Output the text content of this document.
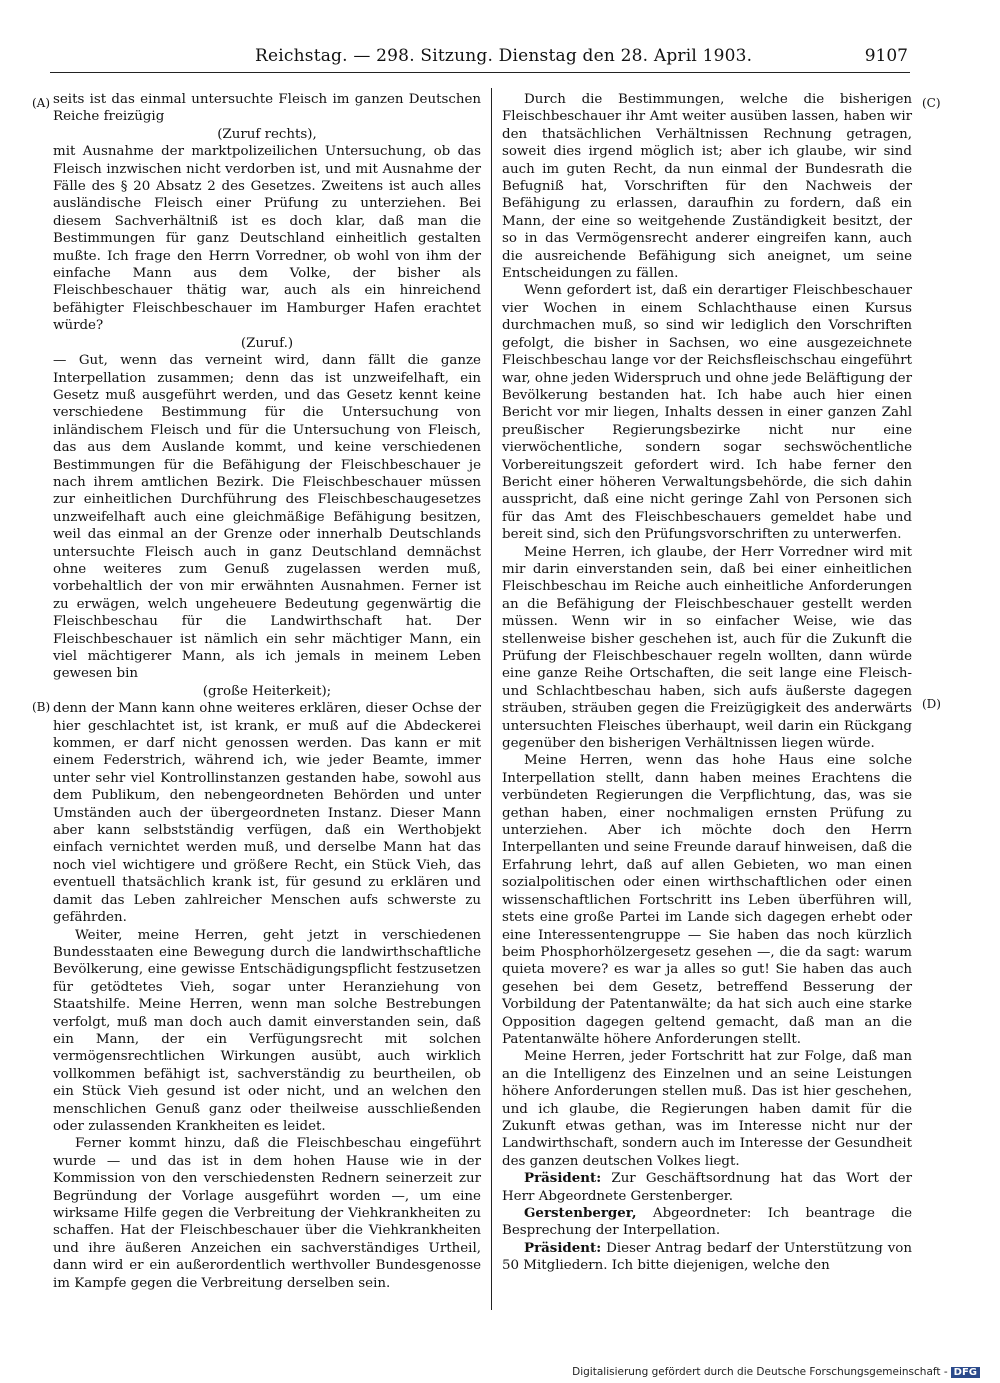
Reichstag. — 298. Sitzung. Dienstag den 28. April 1903.	9107
(A)
(B)
(C)
(D)

seits ist das einmal untersuchte Fleisch im ganzen Deutschen Reiche freizügig

(Zuruf rechts),

mit Ausnahme der marktpolizeilichen Untersuchung, ob das Fleisch inzwischen nicht verdorben ist, und mit Ausnahme der Fälle des § 20 Absatz 2 des Gesetzes. Zweitens ist auch alles ausländische Fleisch einer Prüfung zu unterziehen. Bei diesem Sachverhältniß ist es doch klar, daß man die Bestimmungen für ganz Deutschland einheitlich gestalten mußte. Ich frage den Herrn Vorredner, ob wohl von ihm der einfache Mann aus dem Volke, der bisher als Fleischbeschauer thätig war, auch als ein hinreichend befähigter Fleischbeschauer im Hamburger Hafen erachtet würde?

(Zuruf.)

— Gut, wenn das verneint wird, dann fällt die ganze Interpellation zusammen; denn das ist unzweifelhaft, ein Gesetz muß ausgeführt werden, und das Gesetz kennt keine verschiedene Bestimmung für die Untersuchung von inländischem Fleisch und für die Untersuchung von Fleisch, das aus dem Auslande kommt, und keine verschiedenen Bestimmungen für die Befähigung der Fleischbeschauer je nach ihrem amtlichen Bezirk. Die Fleischbeschauer müssen zur einheitlichen Durchführung des Fleischbeschaugesetzes unzweifelhaft auch eine gleichmäßige Befähigung besitzen, weil das einmal an der Grenze oder innerhalb Deutschlands untersuchte Fleisch auch in ganz Deutschland demnächst ohne weiteres zum Genuß zugelassen werden muß, vorbehaltlich der von mir erwähnten Ausnahmen. Ferner ist zu erwägen, welch ungeheuere Bedeutung gegenwärtig die Fleischbeschau für die Landwirthschaft hat. Der Fleischbeschauer ist nämlich ein sehr mächtiger Mann, ein viel mächtigerer Mann, als ich jemals in meinem Leben gewesen bin

(große Heiterkeit);

denn der Mann kann ohne weiteres erklären, dieser Ochse der hier geschlachtet ist, ist krank, er muß auf die Abdeckerei kommen, er darf nicht genossen werden. Das kann er mit einem Federstrich, während ich, wie jeder Beamte, immer unter sehr viel Kontrollinstanzen gestanden habe, sowohl aus dem Publikum, den nebengeordneten Behörden und unter Umständen auch der übergeordneten Instanz. Dieser Mann aber kann selbstständig verfügen, daß ein Werthobjekt einfach vernichtet werden muß, und derselbe Mann hat das noch viel wichtigere und größere Recht, ein Stück Vieh, das eventuell thatsächlich krank ist, für gesund zu erklären und damit das Leben zahlreicher Menschen aufs schwerste zu gefährden.

Weiter, meine Herren, geht jetzt in verschiedenen Bundesstaaten eine Bewegung durch die landwirthschaftliche Bevölkerung, eine gewisse Entschädigungspflicht festzusetzen für getödtetes Vieh, sogar unter Heranziehung von Staatshilfe. Meine Herren, wenn man solche Bestrebungen verfolgt, muß man doch auch damit einverstanden sein, daß ein Mann, der ein Verfügungsrecht mit solchen vermögensrechtlichen Wirkungen ausübt, auch wirklich vollkommen befähigt ist, sachverständig zu beurtheilen, ob ein Stück Vieh gesund ist oder nicht, und an welchen den menschlichen Genuß ganz oder theilweise ausschließenden oder zulassenden Krankheiten es leidet.

Ferner kommt hinzu, daß die Fleischbeschau eingeführt wurde — und das ist in dem hohen Hause wie in der Kommission von den verschiedensten Rednern seinerzeit zur Begründung der Vorlage ausgeführt worden —, um eine wirksame Hilfe gegen die Verbreitung der Viehkrankheiten zu schaffen. Hat der Fleischbeschauer über die Viehkrankheiten und ihre äußeren Anzeichen ein sachverständiges Urtheil, dann wird er ein außerordentlich werthvoller Bundesgenosse im Kampfe gegen die Verbreitung derselben sein.

Durch die Bestimmungen, welche die bisherigen Fleischbeschauer ihr Amt weiter ausüben lassen, haben wir den thatsächlichen Verhältnissen Rechnung getragen, soweit dies irgend möglich ist; aber ich glaube, wir sind auch im guten Recht, da nun einmal der Bundesrath die Befugniß hat, Vorschriften für den Nachweis der Befähigung zu erlassen, daraufhin zu fordern, daß ein Mann, der eine so weitgehende Zuständigkeit besitzt, der so in das Vermögensrecht anderer eingreifen kann, auch die ausreichende Befähigung sich aneignet, um seine Entscheidungen zu fällen.

Wenn gefordert ist, daß ein derartiger Fleischbeschauer vier Wochen in einem Schlachthause einen Kursus durchmachen muß, so sind wir lediglich den Vorschriften gefolgt, die bisher in Sachsen, wo eine ausgezeichnete Fleischbeschau lange vor der Reichsfleischschau eingeführt war, ohne jeden Widerspruch und ohne jede Beläftigung der Bevölkerung bestanden hat. Ich habe auch hier einen Bericht vor mir liegen, Inhalts dessen in einer ganzen Zahl preußischer Regierungsbezirke nicht nur eine vierwöchentliche, sondern sogar sechswöchentliche Vorbereitungszeit gefordert wird. Ich habe ferner den Bericht einer höheren Verwaltungsbehörde, die sich dahin ausspricht, daß eine nicht geringe Zahl von Personen sich für das Amt des Fleischbeschauers gemeldet habe und bereit sind, sich den Prüfungsvorschriften zu unterwerfen.

Meine Herren, ich glaube, der Herr Vorredner wird mit mir darin einverstanden sein, daß bei einer einheitlichen Fleischbeschau im Reiche auch einheitliche Anforderungen an die Befähigung der Fleischbeschauer gestellt werden müssen. Wenn wir in so einfacher Weise, wie das stellenweise bisher geschehen ist, auch für die Zukunft die Prüfung der Fleischbeschauer regeln wollten, dann würde eine ganze Reihe Ortschaften, die seit lange eine Fleisch- und Schlachtbeschau haben, sich aufs äußerste dagegen sträuben, sträuben gegen die Freizügigkeit des anderwärts untersuchten Fleisches überhaupt, weil darin ein Rückgang gegenüber den bisherigen Verhältnissen liegen würde.

Meine Herren, wenn das hohe Haus eine solche Interpellation stellt, dann haben meines Erachtens die verbündeten Regierungen die Verpflichtung, das, was sie gethan haben, einer nochmaligen ernsten Prüfung zu unterziehen. Aber ich möchte doch den Herrn Interpellanten und seine Freunde darauf hinweisen, daß die Erfahrung lehrt, daß auf allen Gebieten, wo man einen sozialpolitischen oder einen wirthschaftlichen oder einen wissenschaftlichen Fortschritt ins Leben überführen will, stets eine große Partei im Lande sich dagegen erhebt oder eine Interessentengruppe — Sie haben das noch kürzlich beim Phosphorhölzergesetz gesehen —, die da sagt: warum quieta movere? es war ja alles so gut! Sie haben das auch gesehen bei dem Gesetz, betreffend Besserung der Vorbildung der Patentanwälte; da hat sich auch eine starke Opposition dagegen geltend gemacht, daß man an die Patentanwälte höhere Anforderungen stellt.

Meine Herren, jeder Fortschritt hat zur Folge, daß man an die Intelligenz des Einzelnen und an seine Leistungen höhere Anforderungen stellen muß. Das ist hier geschehen, und ich glaube, die Regierungen haben damit für die Zukunft etwas gethan, was im Interesse nicht nur der Landwirthschaft, sondern auch im Interesse der Gesundheit des ganzen deutschen Volkes liegt.

Präsident: Zur Geschäftsordnung hat das Wort der Herr Abgeordnete Gerstenberger.

Gerstenberger, Abgeordneter: Ich beantrage die Besprechung der Interpellation.

Präsident: Dieser Antrag bedarf der Unterstützung von 50 Mitgliedern. Ich bitte diejenigen, welche den

Digitalisierung gefördert durch die Deutsche Forschungsgemeinschaft - DFG
